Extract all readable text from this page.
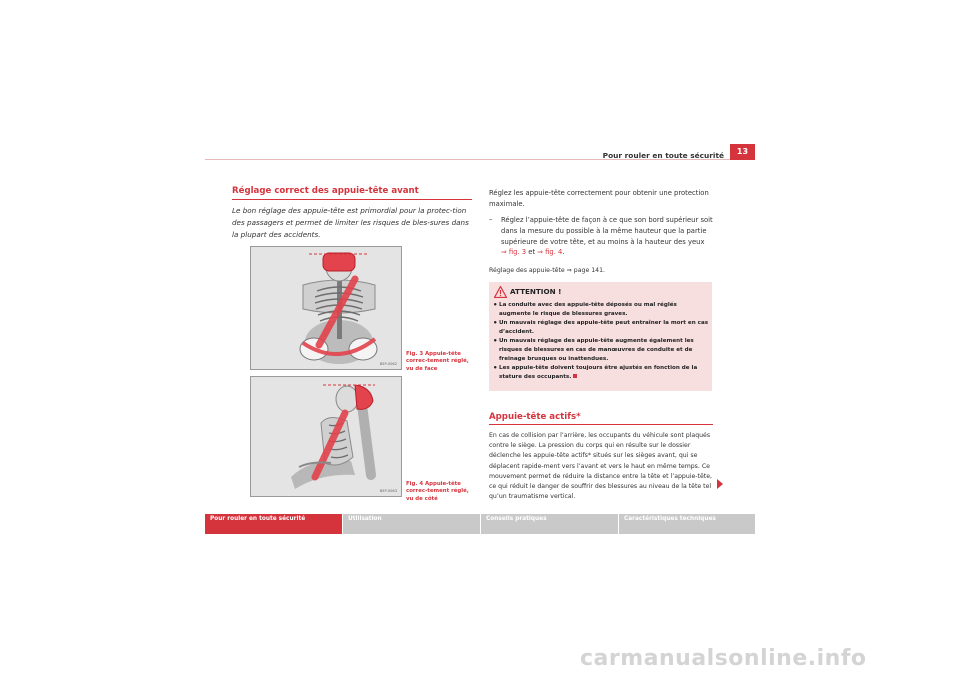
Pour rouler en toute sécurité	13
Réglage correct des appuie-tête avant
Le bon réglage des appuie-tête est primordial pour la protec-tion des passagers et permet de limiter les risques de bles-sures dans la plupart des accidents.
B5P-0062
Fig. 3 Appuie-tête correc-tement réglé, vu de face
B5P-0063
Fig. 4 Appuie-tête correc-tement réglé, vu de côté
Réglez les appuie-tête correctement pour obtenir une protection maximale.
– Réglez l’appuie-tête de façon à ce que son bord supérieur soit dans la mesure du possible à la même hauteur que la partie supérieure de votre tête, et au moins à la hauteur des yeux
⇒ fig. 3 et ⇒ fig. 4.
Réglage des appuie-tête ⇒ page 141.
ATTENTION !
• La conduite avec des appuie-tête déposés ou mal réglés augmente le risque de blessures graves.
• Un mauvais réglage des appuie-tête peut entraîner la mort en cas d’accident.
• Un mauvais réglage des appuie-tête augmente également les risques de blessures en cas de manœuvres de conduite et de freinage brusques ou inattendues.
• Les appuie-tête doivent toujours être ajustés en fonction de la stature des occupants.
Appuie-tête actifs*
En cas de collision par l’arrière, les occupants du véhicule sont plaqués contre le siège. La pression du corps qui en résulte sur le dossier déclenche les appuie-tête actifs* situés sur les sièges avant, qui se déplacent rapide-ment vers l’avant et vers le haut en même temps. Ce mouvement permet de réduire la distance entre la tête et l’appuie-tête, ce qui réduit le danger de souffrir des blessures au niveau de la tête tel qu’un traumatisme vertical.
Pour rouler en toute sécurité	Utilisation	Conseils pratiques	Caractéristiques techniques
carmanualsonline.info
